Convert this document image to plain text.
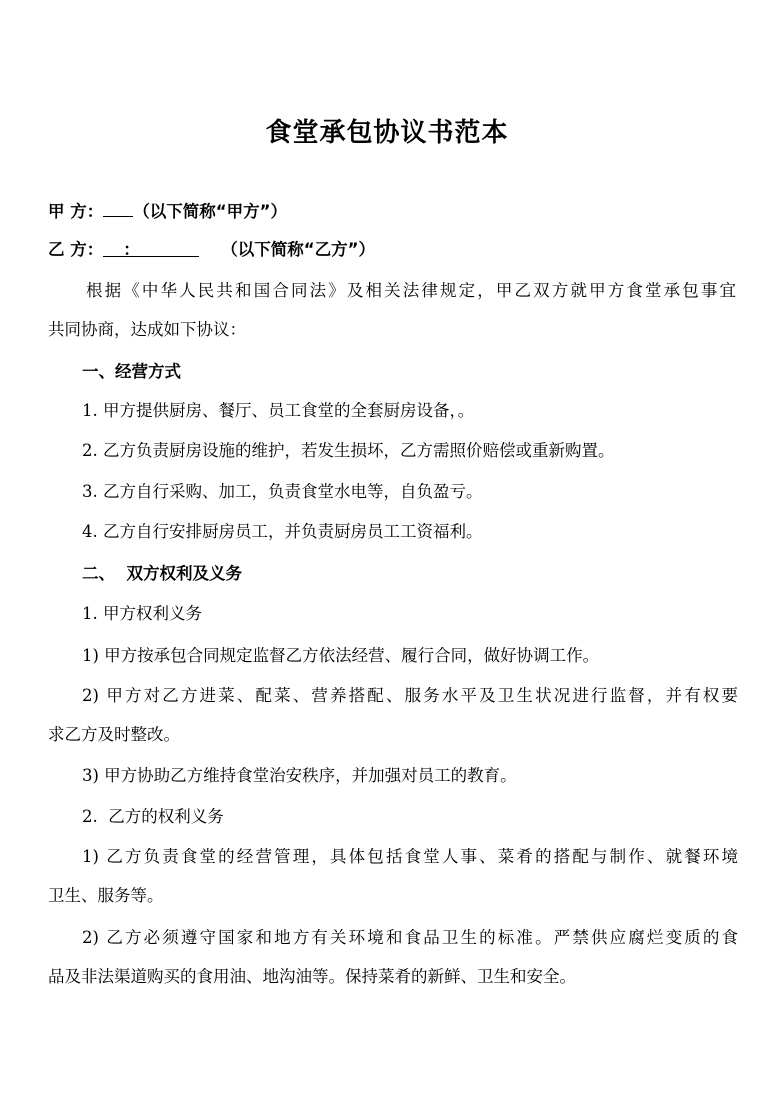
食堂承包协议书范本
甲 方： （以下简称“甲方”）
乙 方： ：	（以下简称“乙方”）
根据《中华人民共和国合同法》及相关法律规定，甲乙双方就甲方食堂承包事宜
共同协商，达成如下协议：
一、经营方式
1. 甲方提供厨房、餐厅、员工食堂的全套厨房设备，。
2. 乙方负责厨房设施的维护，若发生损坏，乙方需照价赔偿或重新购置。
3. 乙方自行采购、加工，负责食堂水电等，自负盈亏。
4. 乙方自行安排厨房员工，并负责厨房员工工资福利。
二、  双方权利及义务
1. 甲方权利义务
1) 甲方按承包合同规定监督乙方依法经营、履行合同，做好协调工作。
2) 甲方对乙方进菜、配菜、营养搭配、服务水平及卫生状况进行监督，并有权要
求乙方及时整改。
3) 甲方协助乙方维持食堂治安秩序，并加强对员工的教育。
2.  乙方的权利义务
1) 乙方负责食堂的经营管理，具体包括食堂人事、菜肴的搭配与制作、就餐环境
卫生、服务等。
2) 乙方必须遵守国家和地方有关环境和食品卫生的标准。严禁供应腐烂变质的食
品及非法渠道购买的食用油、地沟油等。保持菜肴的新鲜、卫生和安全。
